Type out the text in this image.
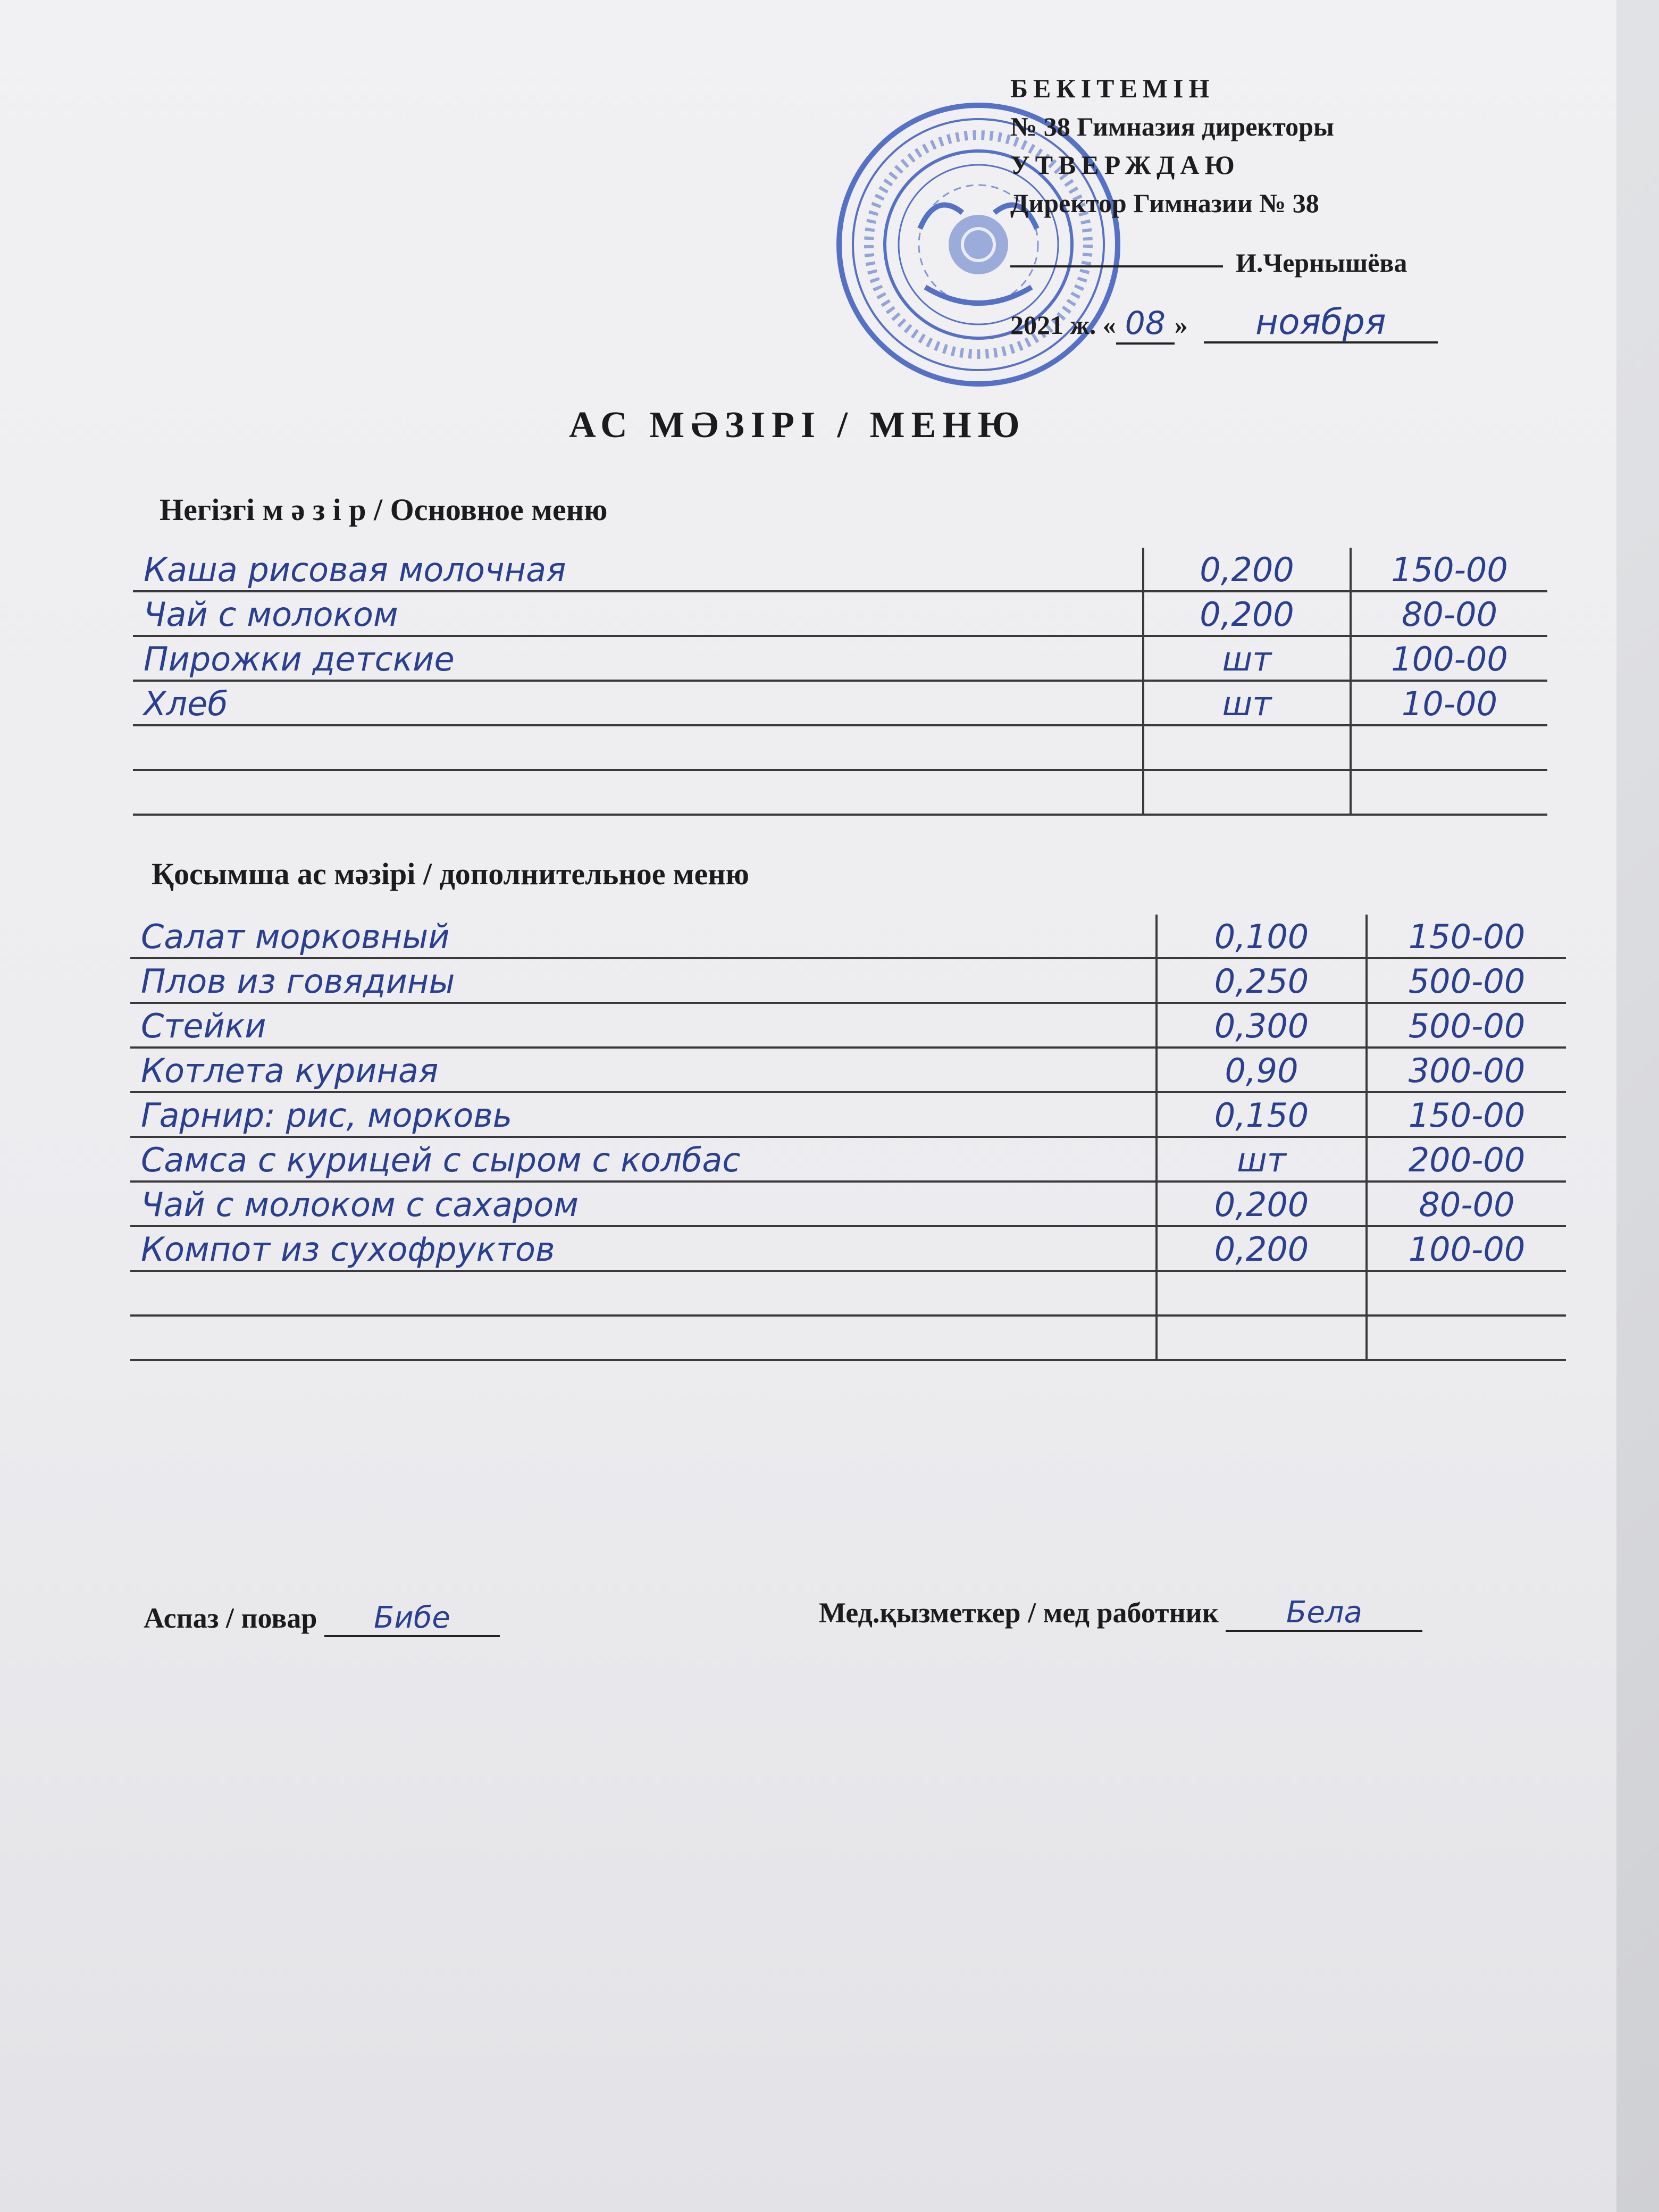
БЕКІТЕМІН
№ 38 Гимназия директоры
УТВЕРЖДАЮ
Директор Гимназии № 38
И.Чернышёва
2021 ж. « 08 » ноября
АС МӘЗІРІ / МЕНЮ
Негізгі м ә з і р / Основное меню
Каша рисовая молочная	0,200	150-00
Чай с молоком	0,200	80-00
Пирожки детские	шт	100-00
Хлеб	шт	10-00

Қосымша ас мәзірі / дополнительное меню
Салат морковный	0,100	150-00
Плов из говядины	0,250	500-00
Стейки	0,300	500-00
Котлета куриная	0,90	300-00
Гарнир: рис, морковь	0,150	150-00
Самса с курицей с сыром с колбас	шт	200-00
Чай с молоком с сахаром	0,200	80-00
Компот из сухофруктов	0,200	100-00

Аспаз / повар Бибе	Мед.қызметкер / мед работник Бела
